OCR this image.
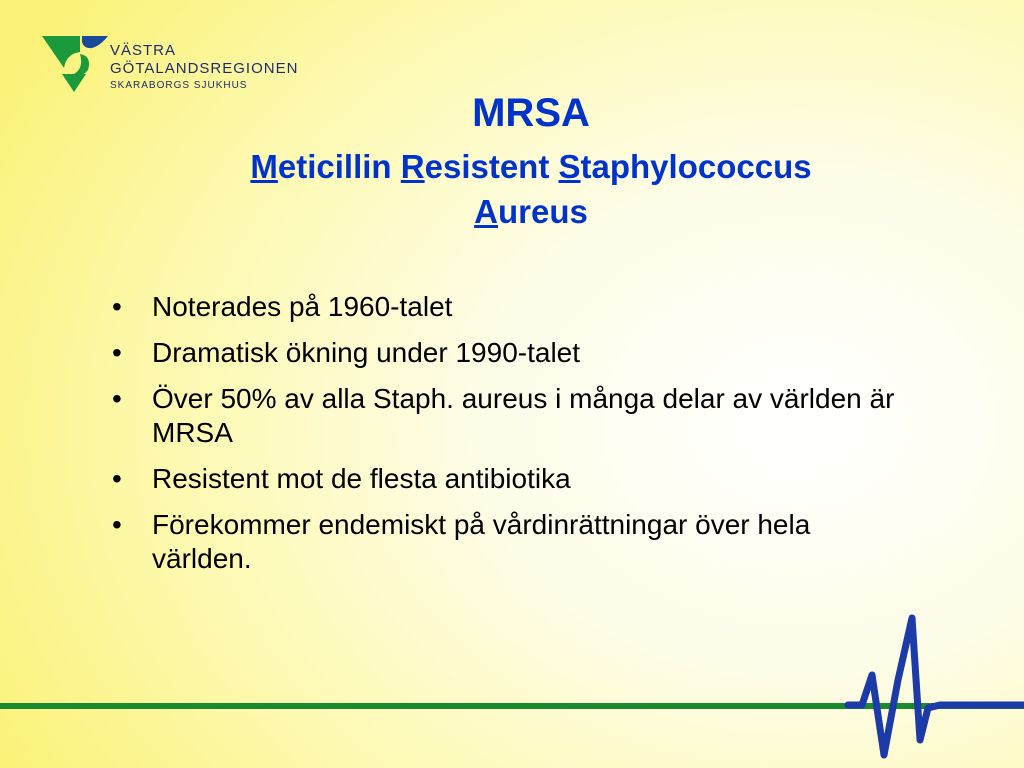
VÄSTRA
GÖTALANDSREGIONEN
SKARABORGS SJUKHUS
MRSA
Meticillin Resistent Staphylococcus
Aureus
• Noterades på 1960-talet
• Dramatisk ökning under 1990-talet
• Över 50% av alla Staph. aureus i många delar av världen är MRSA
• Resistent mot de flesta antibiotika
• Förekommer endemiskt på vårdinrättningar över hela världen.
